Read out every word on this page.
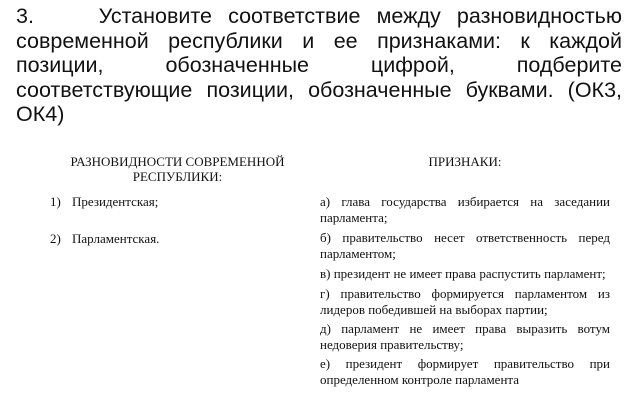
3.	Установите соответствие между разновидностью современной республики и ее признаками: к каждой позиции, обозначенные цифрой, подберите соответствующие позиции, обозначенные буквами. (ОК3, ОК4)
РАЗНОВИДНОСТИ СОВРЕМЕННОЙ РЕСПУБЛИКИ:
1) Президентская;
2) Парламентская.
ПРИЗНАКИ:
а) глава государства избирается на заседании парламента;
б) правительство несет ответственность перед парламентом;
в) президент не имеет права распустить парламент;
г) правительство формируется парламентом из лидеров победившей на выборах партии;
д) парламент не имеет права выразить вотум недоверия правительству;
е) президент формирует правительство при определенном контроле парламента
